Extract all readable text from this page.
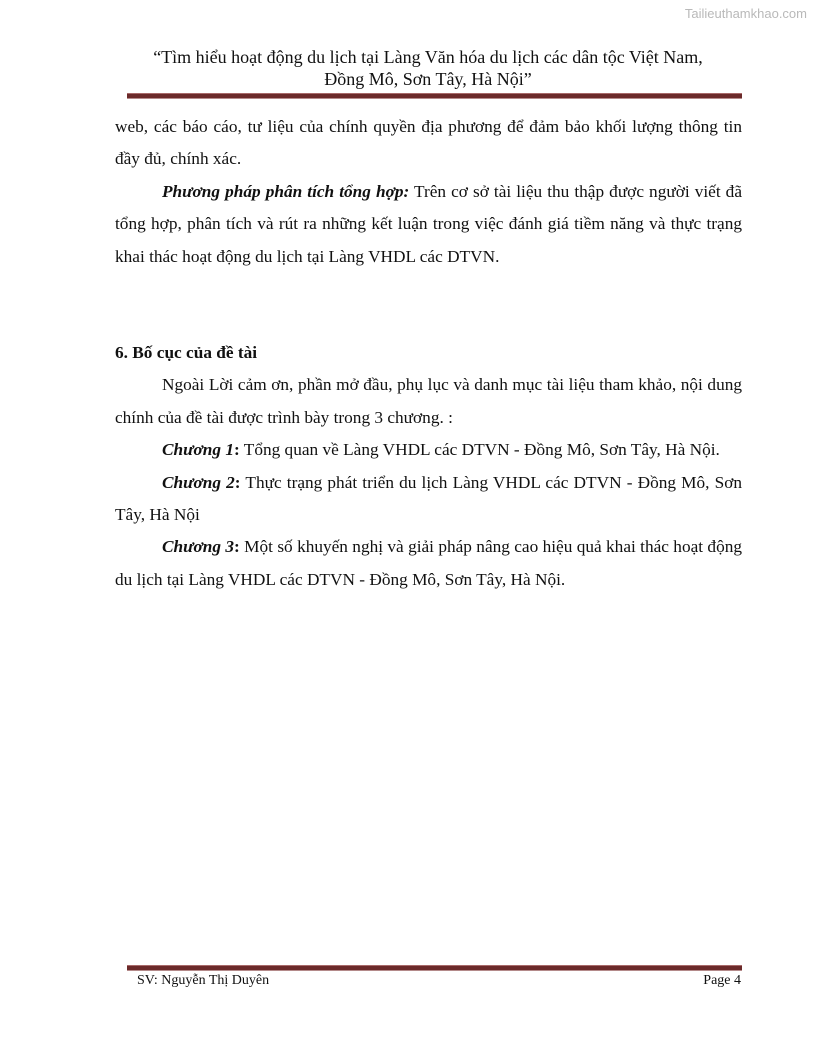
Tailieuthamkhao.com
“Tìm hiểu hoạt động du lịch tại Làng Văn hóa du lịch các dân tộc Việt Nam,
Đồng Mô, Sơn Tây, Hà Nội”

web, các báo cáo, tư liệu của chính quyền địa phương để đảm bảo khối lượng thông tin đầy đủ, chính xác.

Phương pháp phân tích tổng hợp: Trên cơ sở tài liệu thu thập được người viết đã tổng hợp, phân tích và rút ra những kết luận trong việc đánh giá tiềm năng và thực trạng khai thác hoạt động du lịch tại Làng VHDL các DTVN.

6. Bố cục của đề tài

Ngoài Lời cảm ơn, phần mở đầu, phụ lục và danh mục tài liệu tham khảo, nội dung chính của đề tài được trình bày trong 3 chương. :

Chương 1: Tổng quan về Làng VHDL các DTVN - Đồng Mô, Sơn Tây, Hà Nội.

Chương 2: Thực trạng phát triển du lịch Làng VHDL các DTVN - Đồng Mô, Sơn Tây, Hà Nội

Chương 3: Một số khuyến nghị và giải pháp nâng cao hiệu quả khai thác hoạt động du lịch tại Làng VHDL các DTVN - Đồng Mô, Sơn Tây, Hà Nội.

SV: Nguyễn Thị Duyên	Page 4
